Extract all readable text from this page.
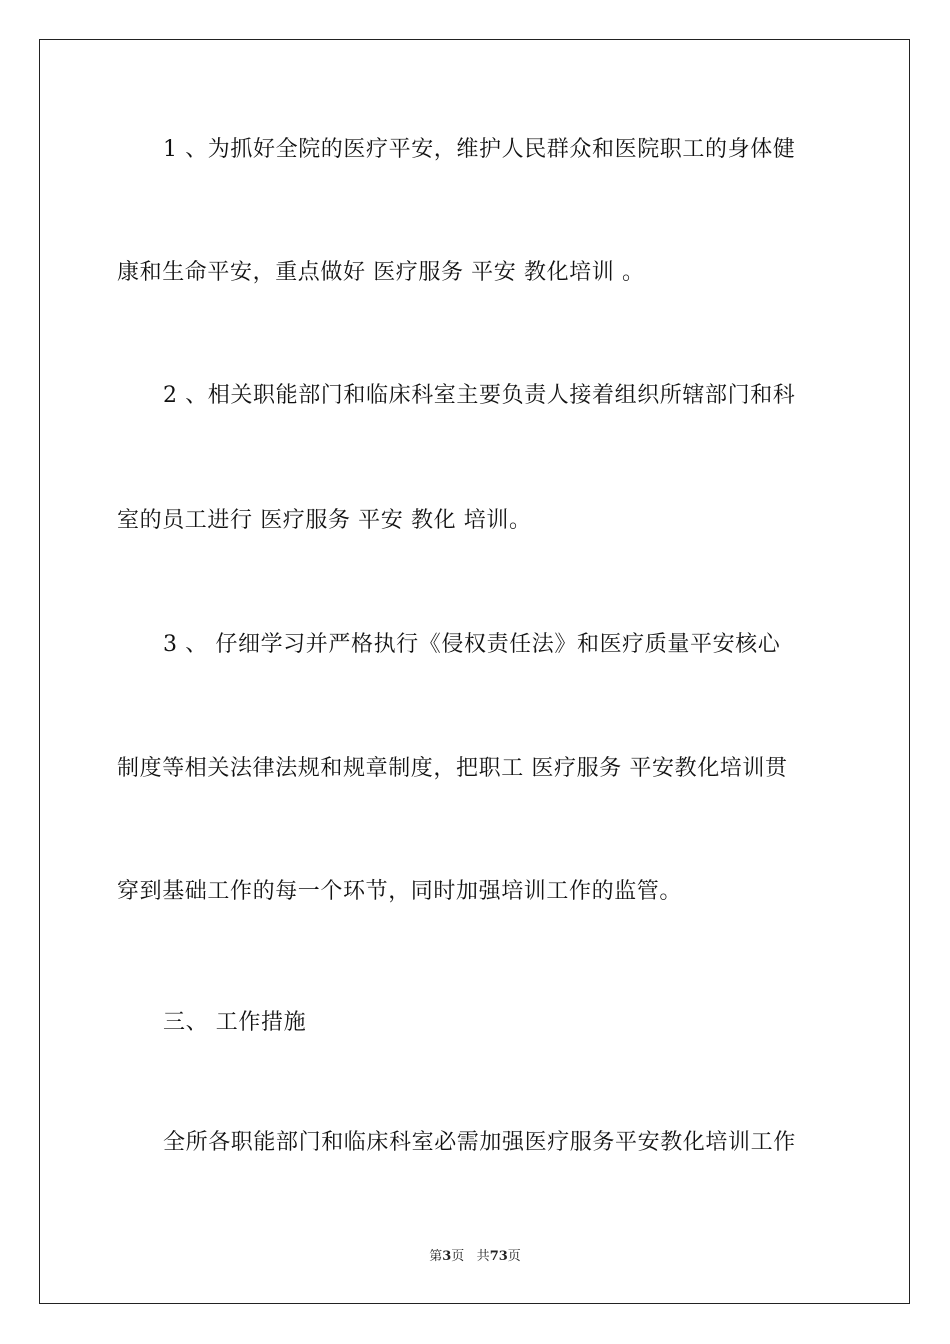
1 、为抓好全院的医疗平安，维护人民群众和医院职工的身体健
康和生命平安，重点做好 医疗服务 平安 教化培训 。
2 、相关职能部门和临床科室主要负责人接着组织所辖部门和科
室的员工进行 医疗服务 平安 教化 培训。
3 、 仔细学习并严格执行《侵权责任法》和医疗质量平安核心
制度等相关法律法规和规章制度，把职工 医疗服务 平安教化培训贯
穿到基础工作的每一个环节，同时加强培训工作的监管。
三、 工作措施
全所各职能部门和临床科室必需加强医疗服务平安教化培训工作
第3页 共73页
